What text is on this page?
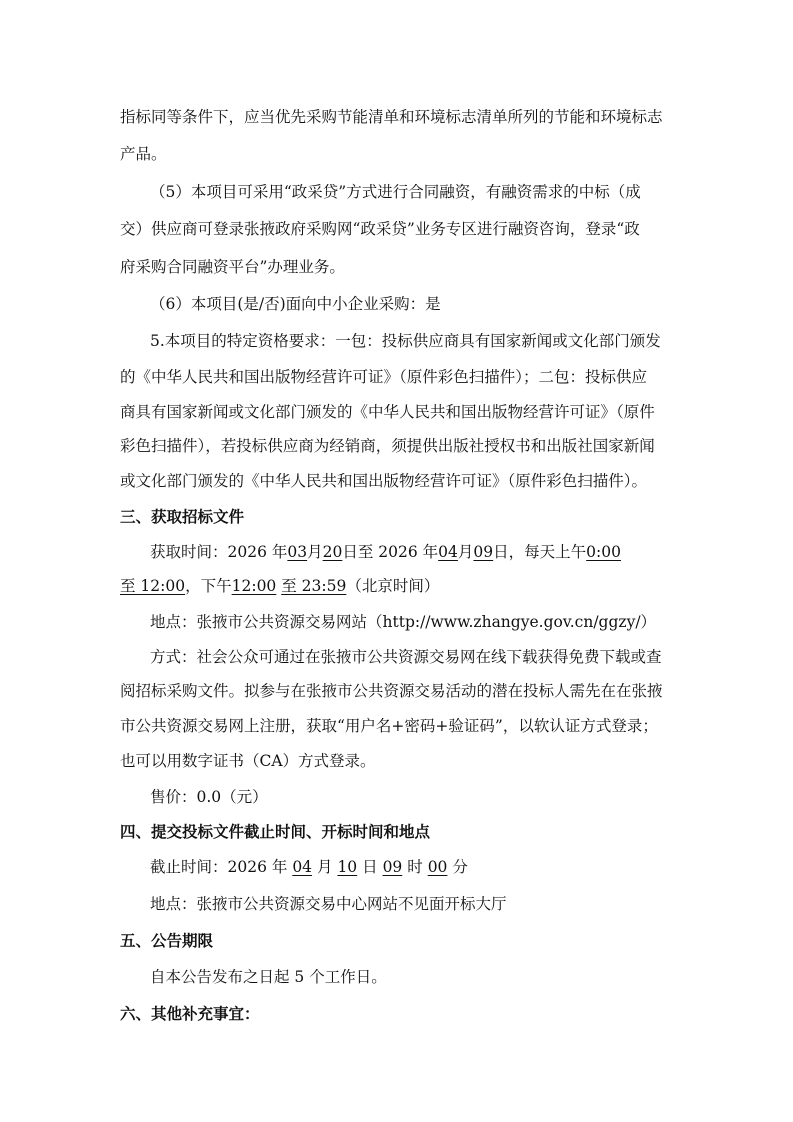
指标同等条件下，应当优先采购节能清单和环境标志清单所列的节能和环境标志
产品。
（5）本项目可采用“政采贷”方式进行合同融资，有融资需求的中标（成
交）供应商可登录张掖政府采购网“政采贷”业务专区进行融资咨询，登录“政
府采购合同融资平台”办理业务。
（6）本项目(是/否)面向中小企业采购：是
5.本项目的特定资格要求：一包：投标供应商具有国家新闻或文化部门颁发
的《中华人民共和国出版物经营许可证》（原件彩色扫描件）；二包：投标供应
商具有国家新闻或文化部门颁发的《中华人民共和国出版物经营许可证》（原件
彩色扫描件），若投标供应商为经销商，须提供出版社授权书和出版社国家新闻
或文化部门颁发的《中华人民共和国出版物经营许可证》（原件彩色扫描件）。
三、获取招标文件
获取时间：2026 年03月20日至 2026 年04月09日，每天上午0:00
至 12:00，下午12:00 至 23:59（北京时间）
地点：张掖市公共资源交易网站（http://www.zhangye.gov.cn/ggzy/）
方式：社会公众可通过在张掖市公共资源交易网在线下载获得免费下载或查
阅招标采购文件。拟参与在张掖市公共资源交易活动的潜在投标人需先在在张掖
市公共资源交易网上注册，获取“用户名+密码+验证码”，以软认证方式登录；
也可以用数字证书（CA）方式登录。
售价：0.0（元）
四、提交投标文件截止时间、开标时间和地点
截止时间：2026 年 04 月 10 日 09 时 00 分
地点：张掖市公共资源交易中心网站不见面开标大厅
五、公告期限
自本公告发布之日起 5 个工作日。
六、其他补充事宜：
